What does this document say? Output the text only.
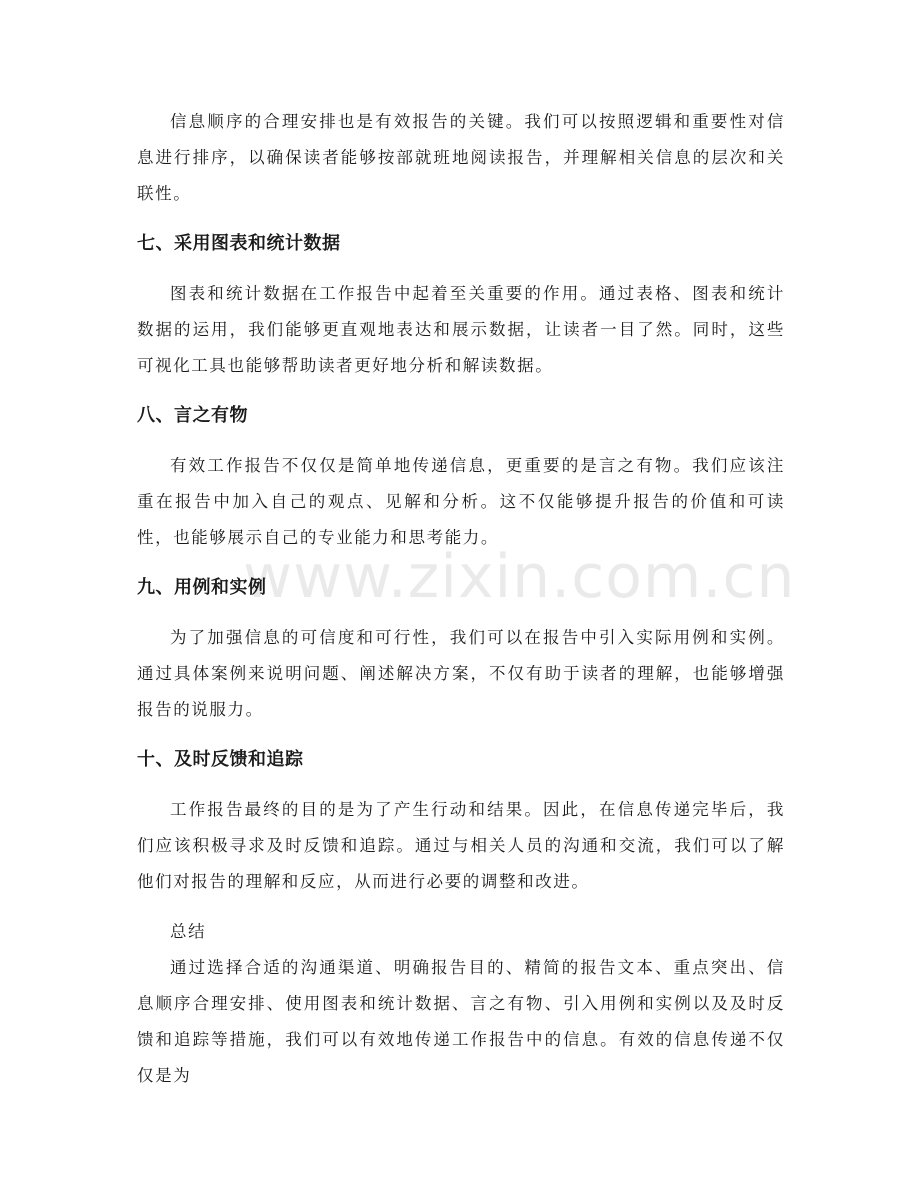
信息顺序的合理安排也是有效报告的关键。我们可以按照逻辑和重要性对信息进行排序，以确保读者能够按部就班地阅读报告，并理解相关信息的层次和关联性。

七、采用图表和统计数据

图表和统计数据在工作报告中起着至关重要的作用。通过表格、图表和统计数据的运用，我们能够更直观地表达和展示数据，让读者一目了然。同时，这些可视化工具也能够帮助读者更好地分析和解读数据。

八、言之有物

有效工作报告不仅仅是简单地传递信息，更重要的是言之有物。我们应该注重在报告中加入自己的观点、见解和分析。这不仅能够提升报告的价值和可读性，也能够展示自己的专业能力和思考能力。

九、用例和实例

为了加强信息的可信度和可行性，我们可以在报告中引入实际用例和实例。通过具体案例来说明问题、阐述解决方案，不仅有助于读者的理解，也能够增强报告的说服力。

十、及时反馈和追踪

工作报告最终的目的是为了产生行动和结果。因此，在信息传递完毕后，我们应该积极寻求及时反馈和追踪。通过与相关人员的沟通和交流，我们可以了解他们对报告的理解和反应，从而进行必要的调整和改进。

总结

通过选择合适的沟通渠道、明确报告目的、精简的报告文本、重点突出、信息顺序合理安排、使用图表和统计数据、言之有物、引入用例和实例以及及时反馈和追踪等措施，我们可以有效地传递工作报告中的信息。有效的信息传递不仅仅是为

www.zixin.com.cn
